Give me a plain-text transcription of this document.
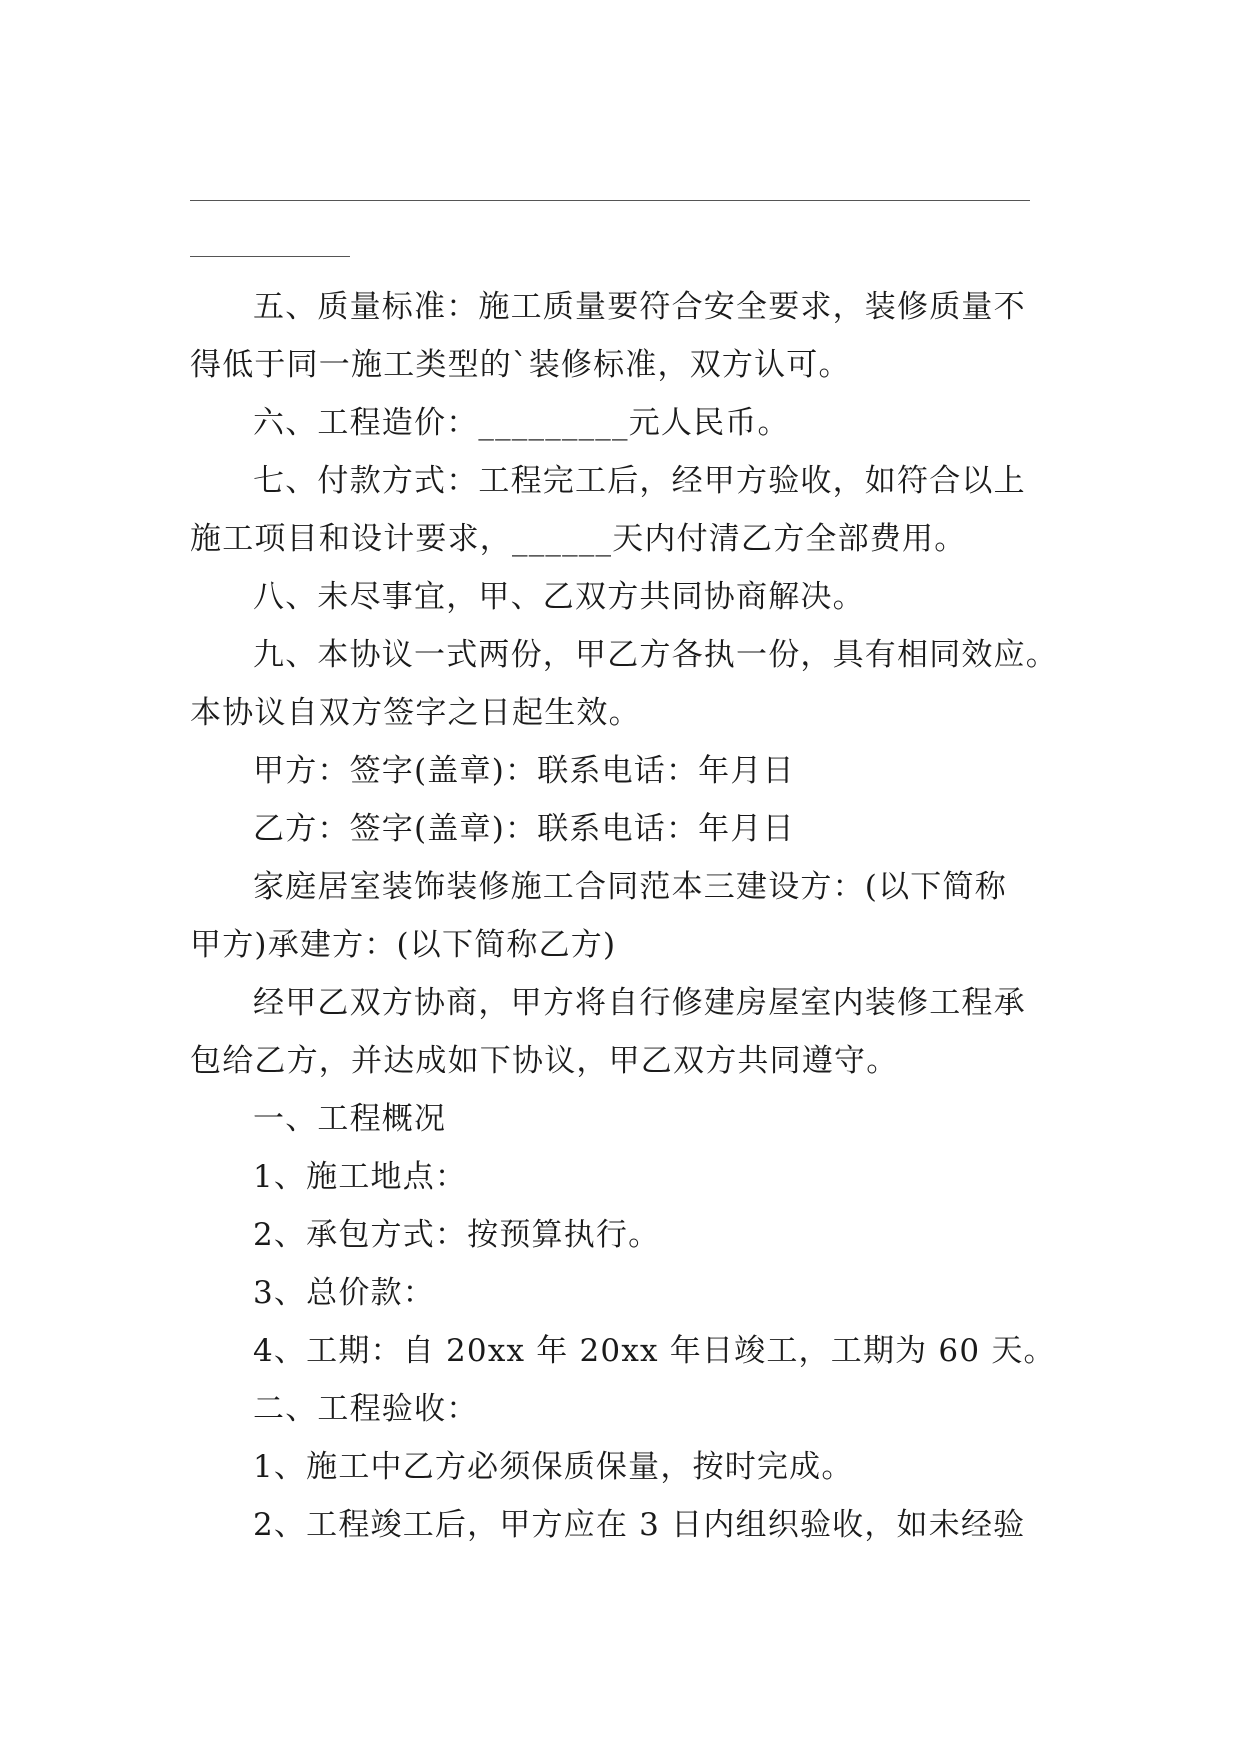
五、质量标准：施工质量要符合安全要求，装修质量不
得低于同一施工类型的`装修标准，双方认可。
六、工程造价：_________元人民币。
七、付款方式：工程完工后，经甲方验收，如符合以上
施工项目和设计要求，______天内付清乙方全部费用。
八、未尽事宜，甲、乙双方共同协商解决。
九、本协议一式两份，甲乙方各执一份，具有相同效应。
本协议自双方签字之日起生效。
甲方：签字(盖章)：联系电话：年月日
乙方：签字(盖章)：联系电话：年月日
家庭居室装饰装修施工合同范本三建设方：(以下简称
甲方)承建方：(以下简称乙方)
经甲乙双方协商，甲方将自行修建房屋室内装修工程承
包给乙方，并达成如下协议，甲乙双方共同遵守。
一、工程概况
1、施工地点：
2、承包方式：按预算执行。
3、总价款：
4、工期：自 20xx 年 20xx 年日竣工，工期为 60 天。
二、工程验收：
1、施工中乙方必须保质保量，按时完成。
2、工程竣工后，甲方应在 3 日内组织验收，如未经验
